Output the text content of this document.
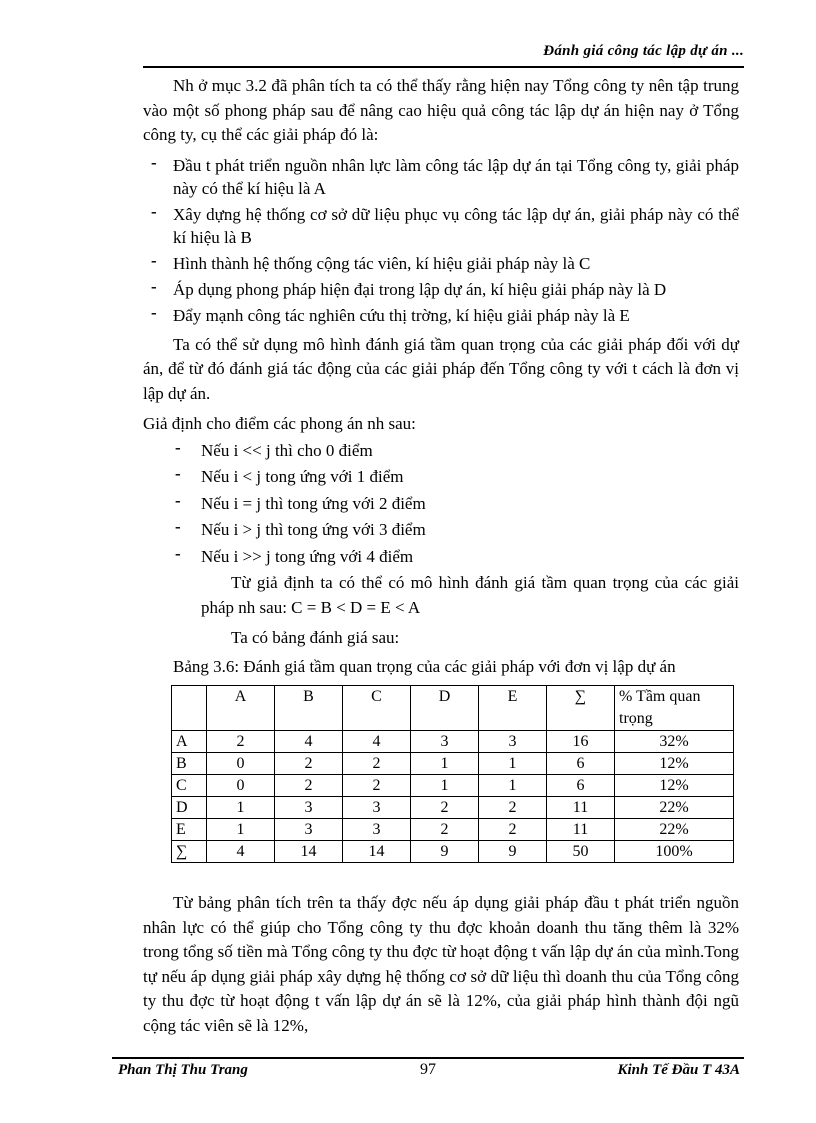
Đánh giá công tác lập dự án ...

Nh ở mục 3.2 đã phân tích ta có thể thấy rằng hiện nay Tổng công ty nên tập trung vào một số phong pháp sau để nâng cao hiệu quả công tác lập dự án hiện nay ở Tổng công ty, cụ thể các giải pháp đó là:

- Đầu t phát triển nguồn nhân lực làm công tác lập dự án tại Tổng công ty, giải pháp này có thể kí hiệu là A
- Xây dựng hệ thống cơ sở dữ liệu phục vụ công tác lập dự án, giải pháp này có thể kí hiệu là B
- Hình thành hệ thống cộng tác viên, kí hiệu giải pháp này là C
- Áp dụng phong pháp hiện đại trong lập dự án, kí hiệu giải pháp này là D
- Đẩy mạnh công tác nghiên cứu thị trờng, kí hiệu giải pháp này là E

Ta có thể sử dụng mô hình đánh giá tầm quan trọng của các giải pháp đối với dự án, để từ đó đánh giá tác động của các giải pháp đến Tổng công ty với t cách là đơn vị lập dự án.

Giả định cho điểm các phong án nh sau:

- Nếu i << j thì cho 0 điểm
- Nếu i < j tong ứng với 1 điểm
- Nếu i = j thì tong ứng với 2 điểm
- Nếu i > j thì tong ứng với 3 điểm
- Nếu i >> j tong ứng với 4 điểm

Từ giả định ta có thể có mô hình đánh giá tầm quan trọng của các giải pháp nh sau: C = B < D = E < A

Ta có bảng đánh giá sau:

Bảng 3.6: Đánh giá tầm quan trọng của các giải pháp với đơn vị lập dự án

	A	B	C	D	E	∑	% Tầm quan trọng
A	2	4	4	3	3	16	32%
B	0	2	2	1	1	6	12%
C	0	2	2	1	1	6	12%
D	1	3	3	2	2	11	22%
E	1	3	3	2	2	11	22%
∑	4	14	14	9	9	50	100%

Từ bảng phân tích trên ta thấy đợc nếu áp dụng giải pháp đầu t phát triển nguồn nhân lực có thể giúp cho Tổng công ty thu đợc khoản doanh thu tăng thêm là 32% trong tổng số tiền mà Tổng công ty thu đợc từ hoạt động t vấn lập dự án của mình.Tong tự nếu áp dụng giải pháp xây dựng hệ thống cơ sở dữ liệu thì doanh thu của Tổng công ty thu đợc từ hoạt động t vấn lập dự án sẽ là 12%, của giải pháp hình thành đội ngũ cộng tác viên sẽ là 12%,

Phan Thị Thu Trang	97	Kinh Tế Đầu T 43A
